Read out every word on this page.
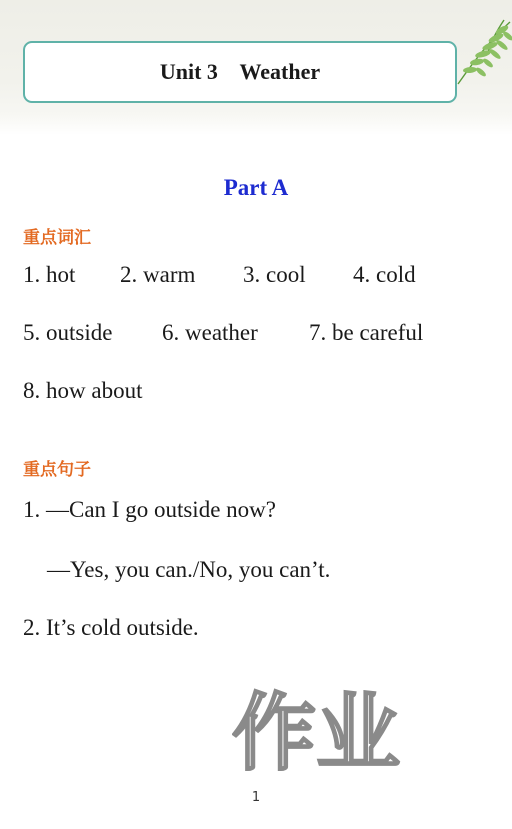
Unit 3    Weather
Part A
重点词汇
1. hot 2. warm 3. cool 4. cold
5. outside 6. weather 7. be careful
8. how about
重点句子
1. —Can I go outside now?
—Yes, you can./No, you can’t.
2. It’s cold outside.
作业
1
